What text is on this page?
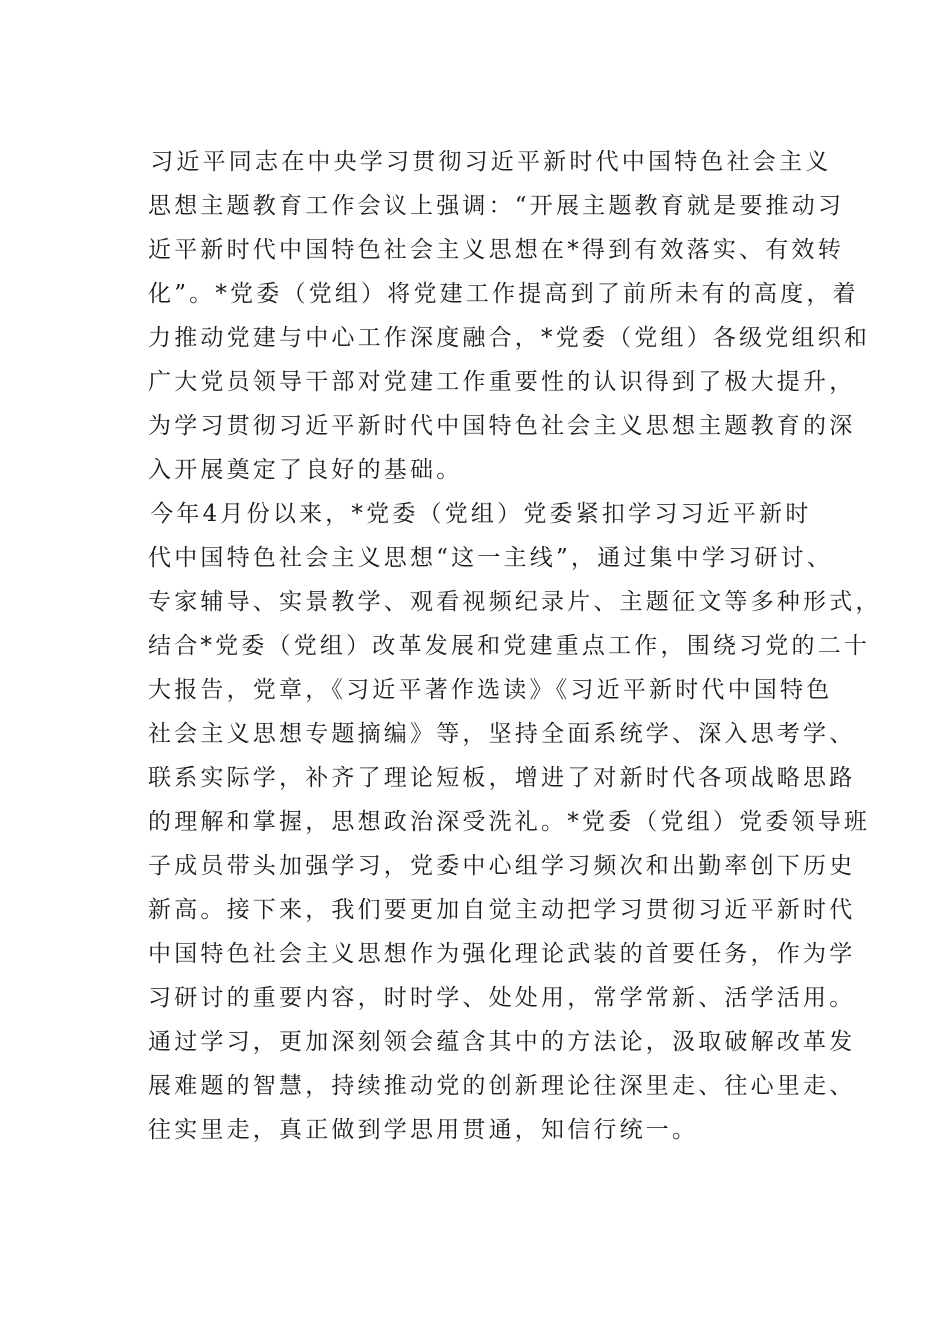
　习近平同志在中央学习贯彻习近平新时代中国特色社会主义
思想主题教育工作会议上强调：“开展主题教育就是要推动习
近平新时代中国特色社会主义思想在*得到有效落实、有效转
化”。*党委（党组）将党建工作提高到了前所未有的高度，着
力推动党建与中心工作深度融合，*党委（党组）各级党组织和
广大党员领导干部对党建工作重要性的认识得到了极大提升，
为学习贯彻习近平新时代中国特色社会主义思想主题教育的深
入开展奠定了良好的基础。
　今年4月份以来，*党委（党组）党委紧扣学习习近平新时
代中国特色社会主义思想“这一主线”，通过集中学习研讨、
专家辅导、实景教学、观看视频纪录片、主题征文等多种形式，
结合*党委（党组）改革发展和党建重点工作，围绕习党的二十
大报告，党章，《习近平著作选读》《习近平新时代中国特色
社会主义思想专题摘编》等，坚持全面系统学、深入思考学、
联系实际学，补齐了理论短板，增进了对新时代各项战略思路
的理解和掌握，思想政治深受洗礼。*党委（党组）党委领导班
子成员带头加强学习，党委中心组学习频次和出勤率创下历史
新高。接下来，我们要更加自觉主动把学习贯彻习近平新时代
中国特色社会主义思想作为强化理论武装的首要任务，作为学
习研讨的重要内容，时时学、处处用，常学常新、活学活用。
通过学习，更加深刻领会蕴含其中的方法论，汲取破解改革发
展难题的智慧，持续推动党的创新理论往深里走、往心里走、
往实里走，真正做到学思用贯通，知信行统一。
